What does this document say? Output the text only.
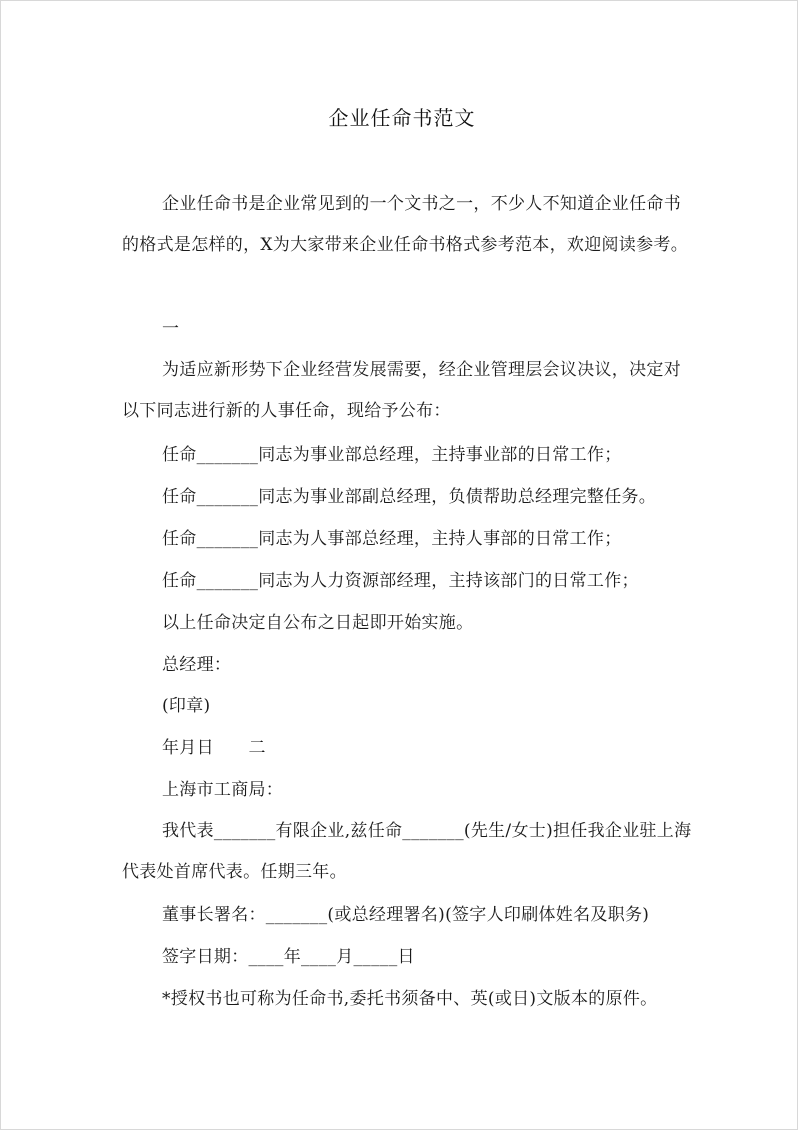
企业任命书范文
企业任命书是企业常见到的一个文书之一，不少人不知道企业任命书的格式是怎样的，X为大家带来企业任命书格式参考范本，欢迎阅读参考。
一
为适应新形势下企业经营发展需要，经企业管理层会议决议，决定对以下同志进行新的人事任命，现给予公布：
任命_______同志为事业部总经理，主持事业部的日常工作；
任命_______同志为事业部副总经理，负债帮助总经理完整任务。
任命_______同志为人事部总经理，主持人事部的日常工作；
任命_______同志为人力资源部经理，主持该部门的日常工作；
以上任命决定自公布之日起即开始实施。
总经理：
(印章)
年月日　　二
上海市工商局：
我代表_______有限企业,兹任命_______(先生/女士)担任我企业驻上海代表处首席代表。任期三年。
董事长署名：_______(或总经理署名)(签字人印刷体姓名及职务)
签字日期：____年____月_____日
*授权书也可称为任命书,委托书须备中、英(或日)文版本的原件。
